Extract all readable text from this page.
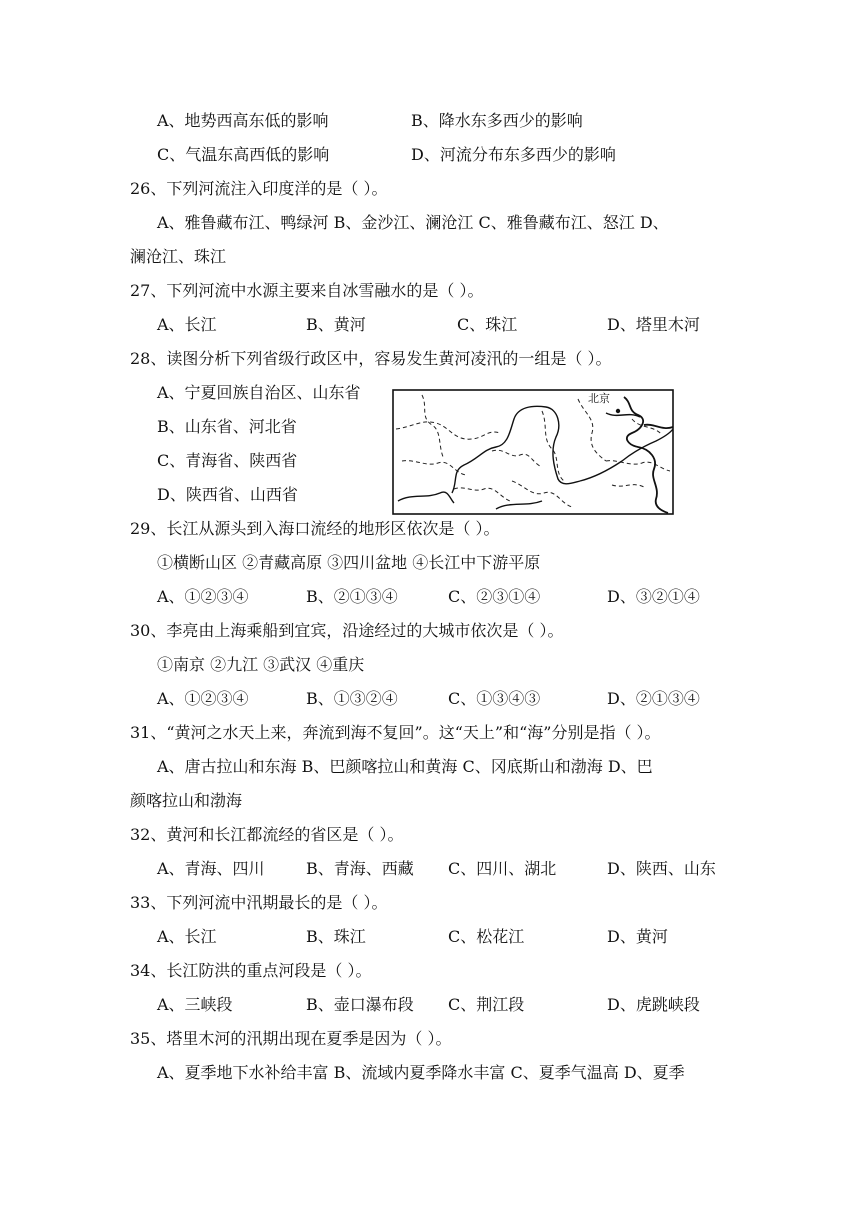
A、地势西高东低的影响	B、降水东多西少的影响
C、气温东高西低的影响	D、河流分布东多西少的影响
26、下列河流注入印度洋的是（ ）。
A、雅鲁藏布江、鸭绿河 B、金沙江、澜沧江 C、雅鲁藏布江、怒江 D、
澜沧江、珠江
27、下列河流中水源主要来自冰雪融水的是（ ）。
A、长江	B、黄河	C、珠江	D、塔里木河
28、读图分析下列省级行政区中，容易发生黄河凌汛的一组是（ ）。
A、宁夏回族自治区、山东省
B、山东省、河北省
C、青海省、陕西省
D、陕西省、山西省
北京
29、长江从源头到入海口流经的地形区依次是（ ）。
①横断山区 ②青藏高原 ③四川盆地 ④长江中下游平原
A、①②③④	B、②①③④	C、②③①④	D、③②①④
30、李亮由上海乘船到宜宾，沿途经过的大城市依次是（ ）。
①南京 ②九江 ③武汉 ④重庆
A、①②③④	B、①③②④	C、①③④③	D、②①③④
31、“黄河之水天上来，奔流到海不复回”。这“天上”和“海”分别是指（ ）。
A、唐古拉山和东海 B、巴颜喀拉山和黄海 C、冈底斯山和渤海 D、巴
颜喀拉山和渤海
32、黄河和长江都流经的省区是（ ）。
A、青海、四川	B、青海、西藏 C、四川、湖北	D、陕西、山东
33、下列河流中汛期最长的是（ ）。
A、长江	B、珠江	C、松花江	D、黄河
34、长江防洪的重点河段是（ ）。
A、三峡段	B、壶口瀑布段 C、荆江段	D、虎跳峡段
35、塔里木河的汛期出现在夏季是因为（ ）。
A、夏季地下水补给丰富 B、流域内夏季降水丰富 C、夏季气温高 D、夏季
